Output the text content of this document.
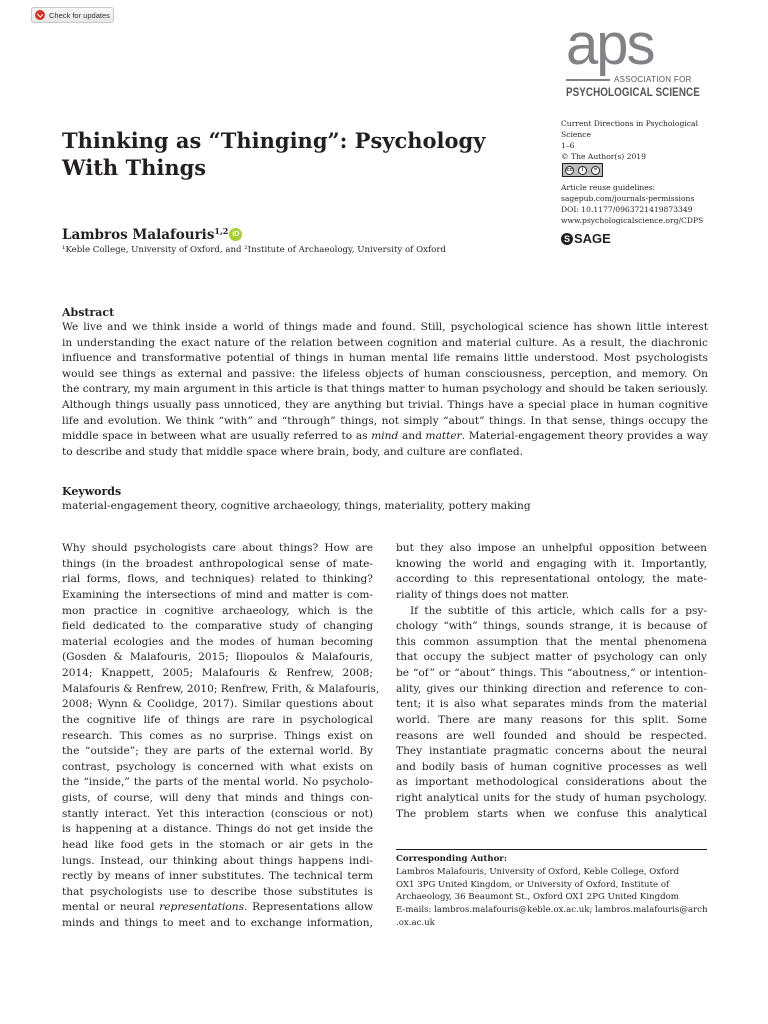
Check for updates	aps
ASSOCIATION FOR
PSYCHOLOGICAL SCIENCE
Current Directions in Psychological
Science
1–6
© The Author(s) 2019
cc	i	=
Article reuse guidelines:
sagepub.com/journals-permissions
DOI: 10.1177/0963721419873349
www.psychologicalscience.org/CDPS
S SAGE
Thinking as “Thinging”: Psychology
With Things
Lambros Malafouris$^{1,2}$ iD
¹Keble College, University of Oxford, and ²Institute of Archaeology, University of Oxford
Abstract
We live and we think inside a world of things made and found. Still, psychological science has shown little interest
in understanding the exact nature of the relation between cognition and material culture. As a result, the diachronic
influence and transformative potential of things in human mental life remains little understood. Most psychologists
would see things as external and passive: the lifeless objects of human consciousness, perception, and memory. On
the contrary, my main argument in this article is that things matter to human psychology and should be taken seriously.
Although things usually pass unnoticed, they are anything but trivial. Things have a special place in human cognitive
life and evolution. We think “with” and “through” things, not simply “about” things. In that sense, things occupy the
middle space in between what are usually referred to as mind and matter. Material-engagement theory provides a way
to describe and study that middle space where brain, body, and culture are conflated.
Keywords
material-engagement theory, cognitive archaeology, things, materiality, pottery making
Why should psychologists care about things? How are
things (in the broadest anthropological sense of mate-
rial forms, flows, and techniques) related to thinking?
Examining the intersections of mind and matter is com-
mon practice in cognitive archaeology, which is the
field dedicated to the comparative study of changing
material ecologies and the modes of human becoming
(Gosden & Malafouris, 2015; Iliopoulos & Malafouris,
2014; Knappett, 2005; Malafouris & Renfrew, 2008;
Malafouris & Renfrew, 2010; Renfrew, Frith, & Malafouris,
2008; Wynn & Coolidge, 2017). Similar questions about
the cognitive life of things are rare in psychological
research. This comes as no surprise. Things exist on
the “outside”; they are parts of the external world. By
contrast, psychology is concerned with what exists on
the “inside,” the parts of the mental world. No psycholo-
gists, of course, will deny that minds and things con-
stantly interact. Yet this interaction (conscious or not)
is happening at a distance. Things do not get inside the
head like food gets in the stomach or air gets in the
lungs. Instead, our thinking about things happens indi-
rectly by means of inner substitutes. The technical term
that psychologists use to describe those substitutes is
mental or neural representations. Representations allow
minds and things to meet and to exchange information,
but they also impose an unhelpful opposition between
knowing the world and engaging with it. Importantly,
according to this representational ontology, the mate-
riality of things does not matter.
If the subtitle of this article, which calls for a psy-
chology “with” things, sounds strange, it is because of
this common assumption that the mental phenomena
that occupy the subject matter of psychology can only
be “of” or “about” things. This “aboutness,” or intention-
ality, gives our thinking direction and reference to con-
tent; it is also what separates minds from the material
world. There are many reasons for this split. Some
reasons are well founded and should be respected.
They instantiate pragmatic concerns about the neural
and bodily basis of human cognitive processes as well
as important methodological considerations about the
right analytical units for the study of human psychology.
The problem starts when we confuse this analytical
Corresponding Author:
Lambros Malafouris, University of Oxford, Keble College, Oxford
OX1 3PG United Kingdom, or University of Oxford, Institute of
Archaeology, 36 Beaumont St., Oxford OX1 2PG United Kingdom
E-mails: lambros.malafouris@keble.ox.ac.uk; lambros.malafouris@arch
.ox.ac.uk
